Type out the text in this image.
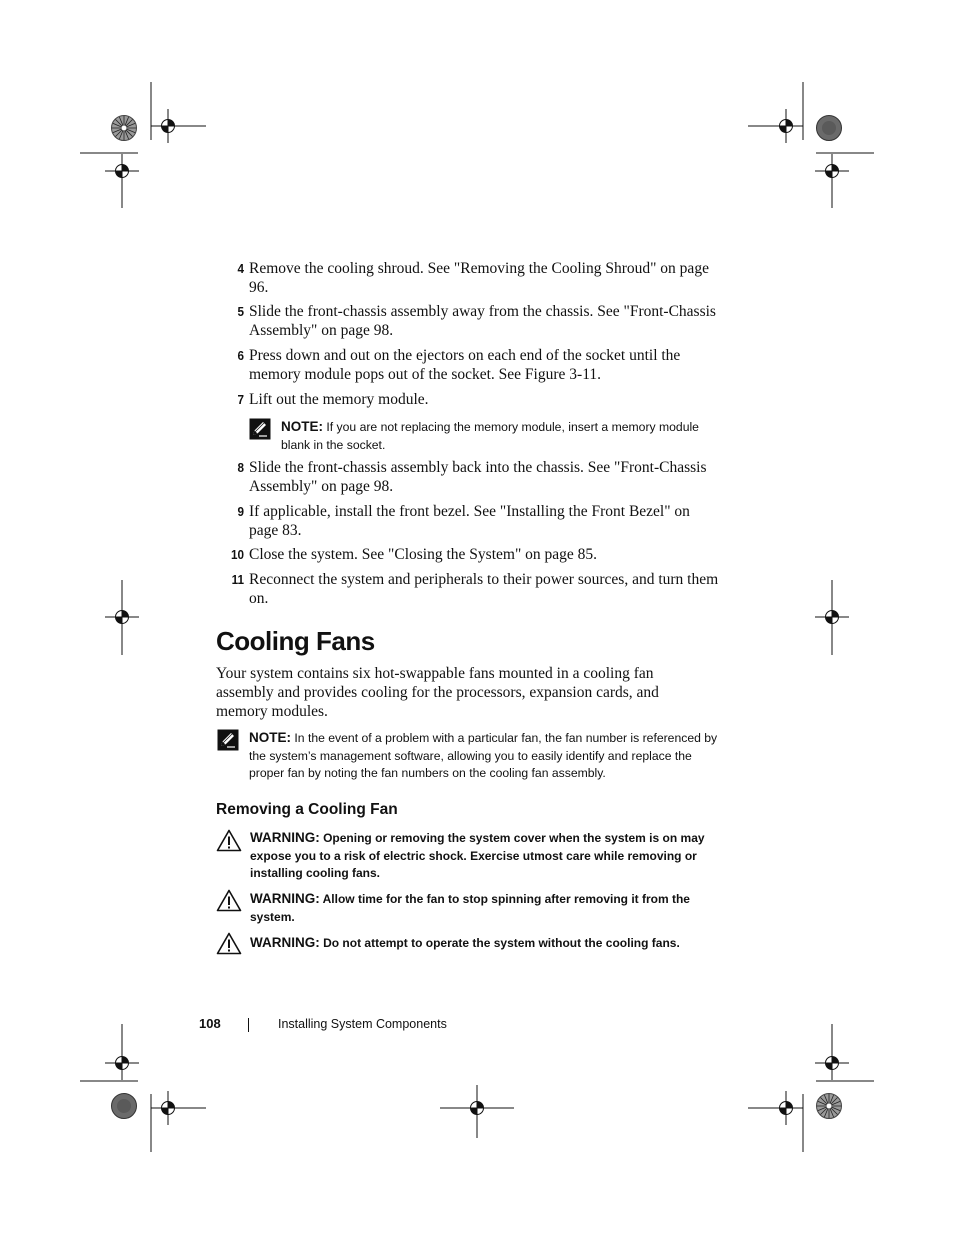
4 Remove the cooling shroud. See "Removing the Cooling Shroud" on page 96.
5 Slide the front-chassis assembly away from the chassis. See "Front-Chassis Assembly" on page 98.
6 Press down and out on the ejectors on each end of the socket until the memory module pops out of the socket. See Figure 3-11.
7 Lift out the memory module.
NOTE: If you are not replacing the memory module, insert a memory module blank in the socket.
8 Slide the front-chassis assembly back into the chassis. See "Front-Chassis Assembly" on page 98.
9 If applicable, install the front bezel. See "Installing the Front Bezel" on page 83.
10 Close the system. See "Closing the System" on page 85.
11 Reconnect the system and peripherals to their power sources, and turn them on.
Cooling Fans
Your system contains six hot-swappable fans mounted in a cooling fan assembly and provides cooling for the processors, expansion cards, and memory modules.
NOTE: In the event of a problem with a particular fan, the fan number is referenced by the system’s management software, allowing you to easily identify and replace the proper fan by noting the fan numbers on the cooling fan assembly.
Removing a Cooling Fan
WARNING: Opening or removing the system cover when the system is on may expose you to a risk of electric shock. Exercise utmost care while removing or installing cooling fans.
WARNING: Allow time for the fan to stop spinning after removing it from the system.
WARNING: Do not attempt to operate the system without the cooling fans.
108	Installing System Components
